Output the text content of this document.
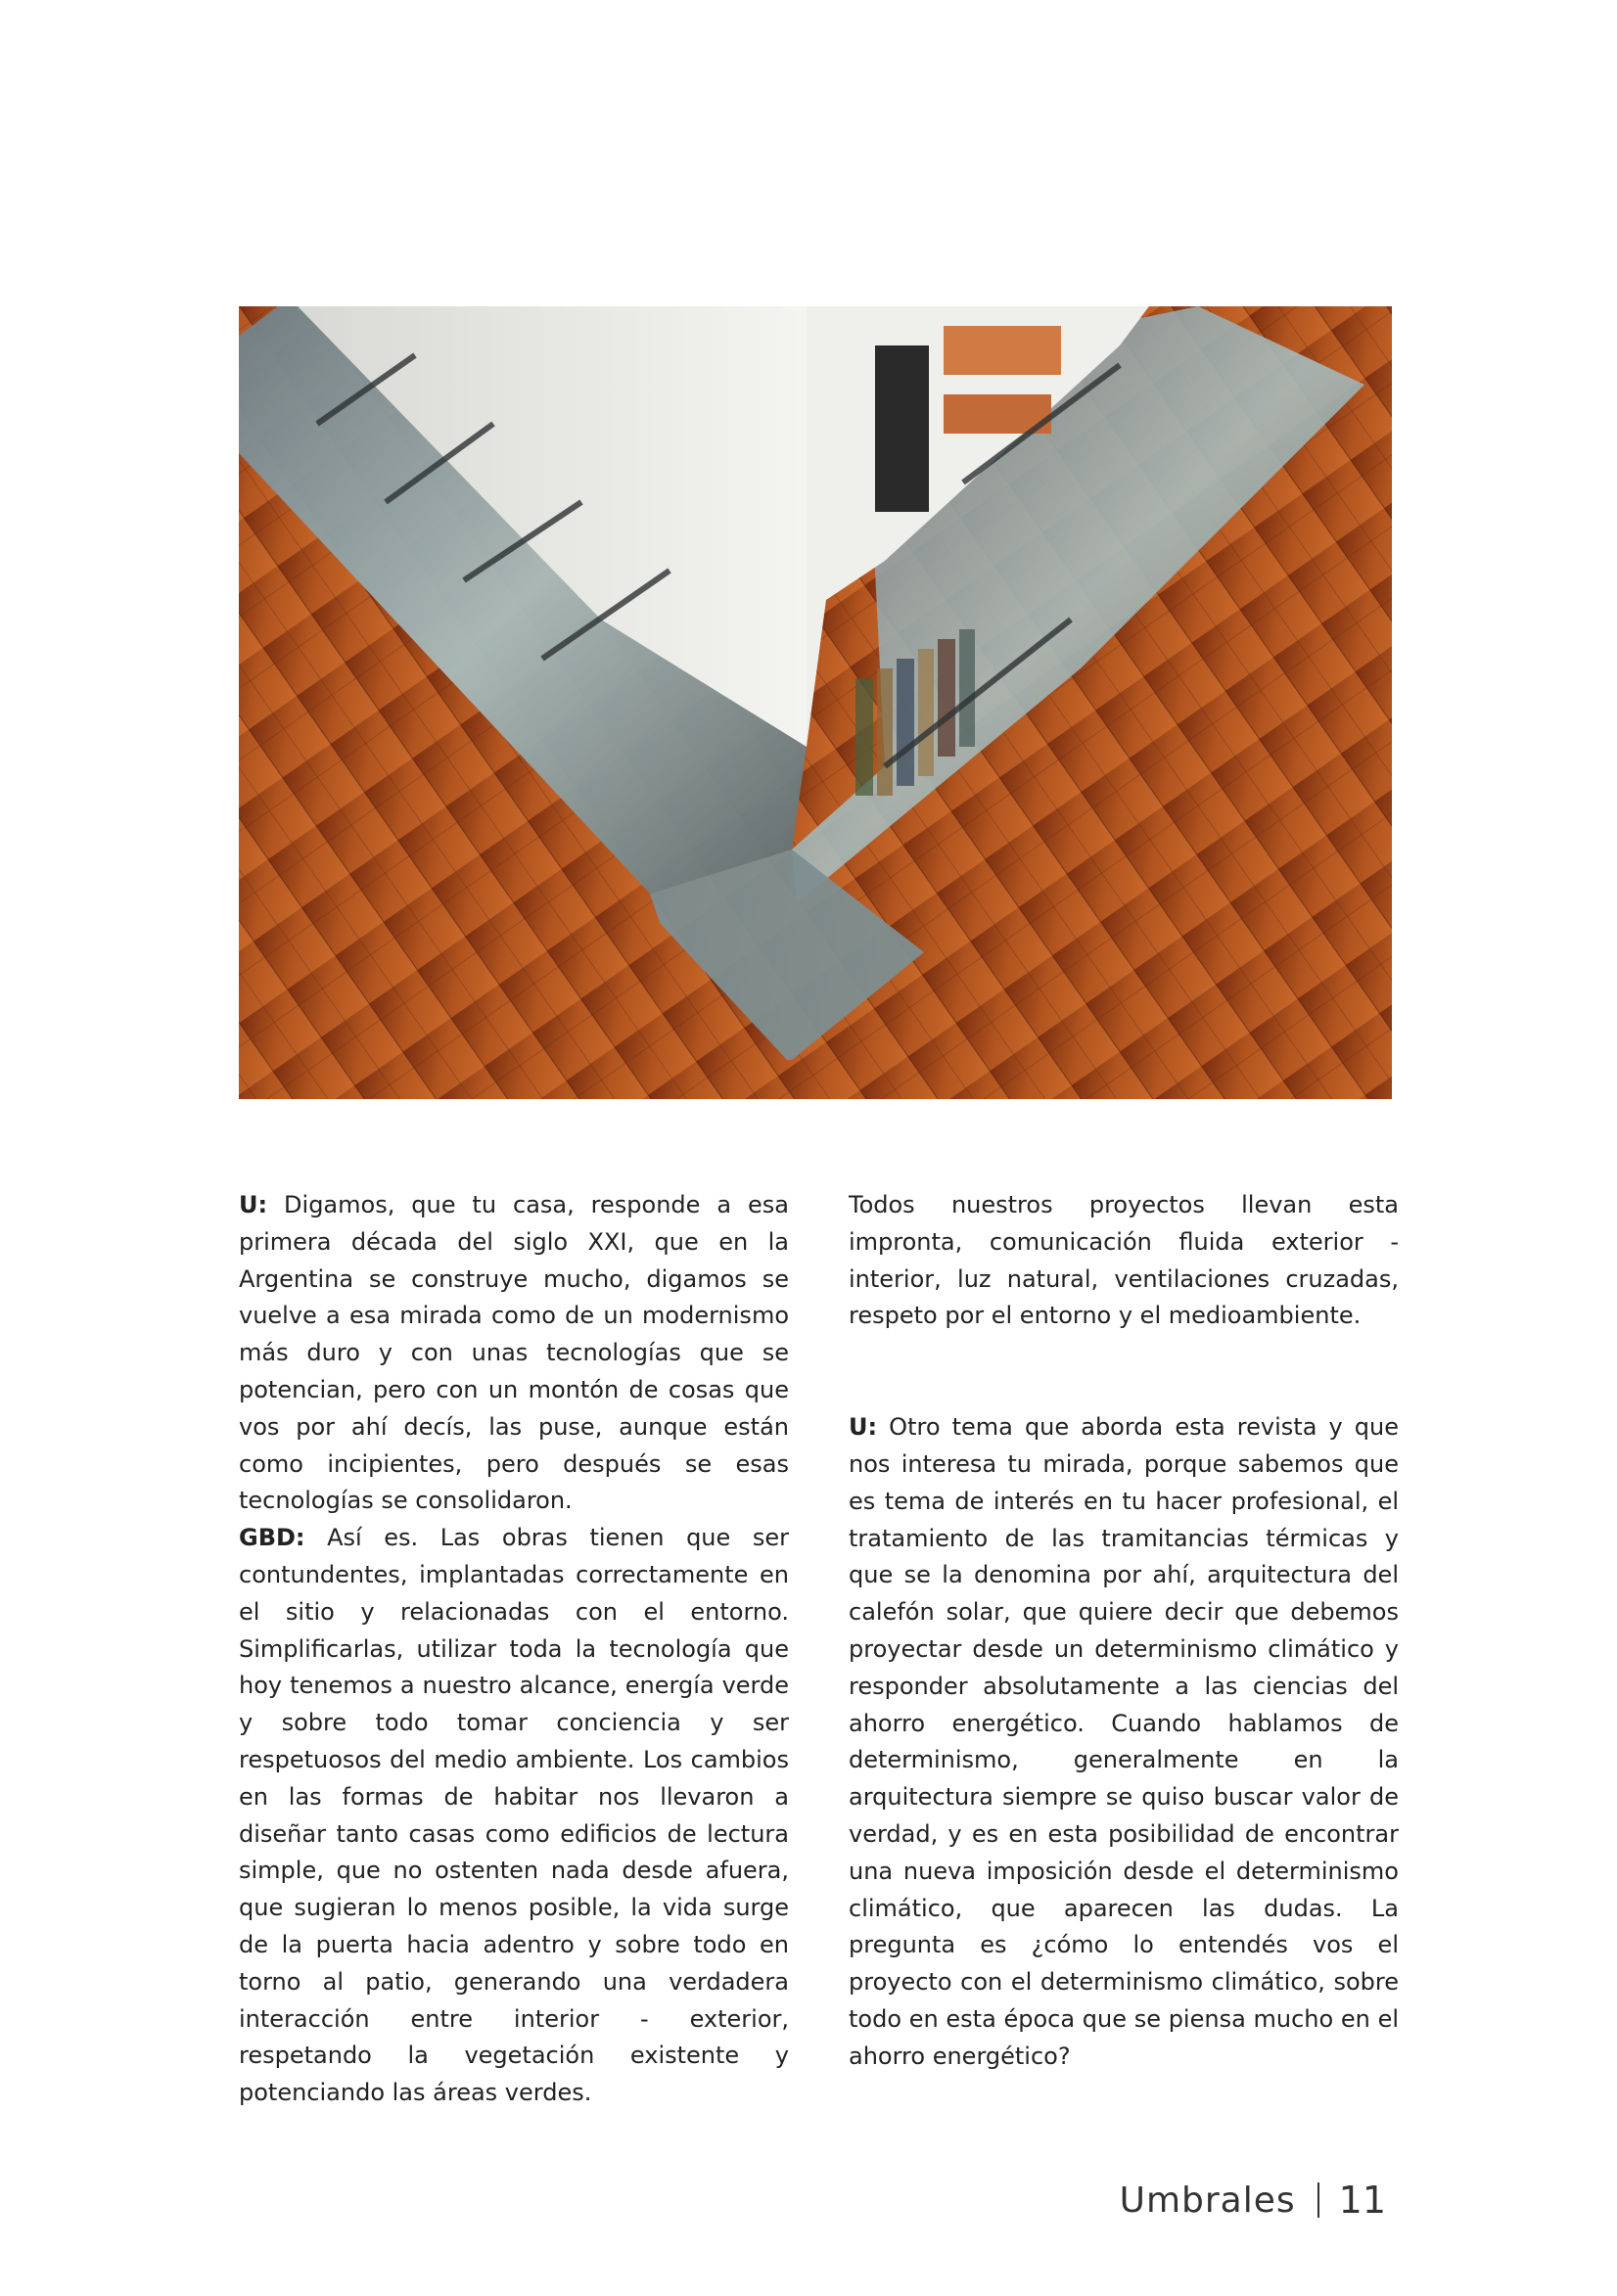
U: Digamos, que tu casa, responde a esa primera década del siglo XXI, que en la Argentina se construye mucho, digamos se vuelve a esa mirada como de un modernismo más duro y con unas tecnologías que se potencian, pero con un montón de cosas que vos por ahí decís, las puse, aunque están como incipientes, pero después se esas tecnologías se consolidaron.

GBD: Así es. Las obras tienen que ser contundentes, implantadas correctamente en el sitio y relacionadas con el entorno. Simplificarlas, utilizar toda la tecnología que hoy tenemos a nuestro alcance, energía verde y sobre todo tomar conciencia y ser respetuosos del medio ambiente. Los cambios en las formas de habitar nos llevaron a diseñar tanto casas como edificios de lectura simple, que no ostenten nada desde afuera, que sugieran lo menos posible, la vida surge de la puerta hacia adentro y sobre todo en torno al patio, generando una verdadera interacción entre interior - exterior, respetando la vegetación existente y potenciando las áreas verdes.

Todos nuestros proyectos llevan esta impronta, comunicación fluida exterior - interior, luz natural, ventilaciones cruzadas, respeto por el entorno y el medioambiente.

U: Otro tema que aborda esta revista y que nos interesa tu mirada, porque sabemos que es tema de interés en tu hacer profesional, el tratamiento de las tramitancias térmicas y que se la denomina por ahí, arquitectura del calefón solar, que quiere decir que debemos proyectar desde un determinismo climático y responder absolutamente a las ciencias del ahorro energético. Cuando hablamos de determinismo, generalmente en la arquitectura siempre se quiso buscar valor de verdad, y es en esta posibilidad de encontrar una nueva imposición desde el determinismo climático, que aparecen las dudas. La pregunta es ¿cómo lo entendés vos el proyecto con el determinismo climático, sobre todo en esta época que se piensa mucho en el ahorro energético?

Umbrales 11
